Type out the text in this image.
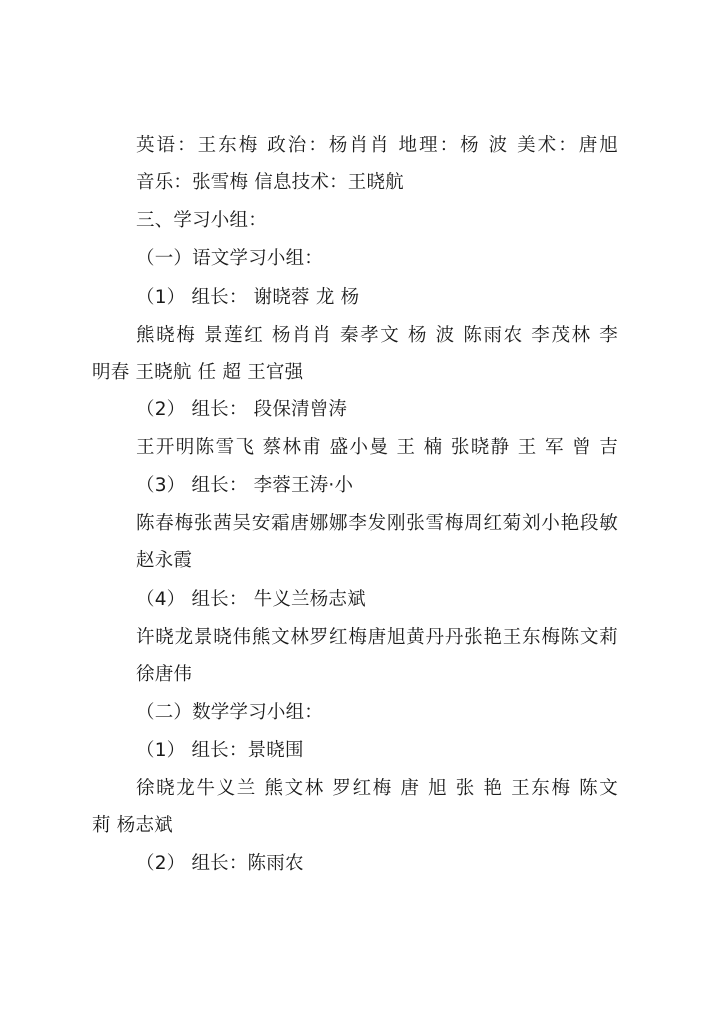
英语：王东梅 政治：杨肖肖 地理：杨 波 美术：唐旭
音乐：张雪梅 信息技术：王晓航
三、学习小组：
（一）语文学习小组：
（1） 组长： 谢晓蓉 龙 杨
熊晓梅 景莲红 杨肖肖 秦孝文 杨 波 陈雨农 李茂林 李
明春 王晓航 任 超 王官强
（2） 组长： 段保清曾涛
王开明陈雪飞 蔡林甫 盛小曼 王 楠 张晓静 王 军 曾 吉
（3） 组长： 李蓉王涛·小
陈春梅张茜吴安霜唐娜娜李发刚张雪梅周红菊刘小艳段敏
赵永霞
（4） 组长： 牛义兰杨志斌
许晓龙景晓伟熊文林罗红梅唐旭黄丹丹张艳王东梅陈文莉
徐唐伟
（二）数学学习小组：
（1） 组长：景晓围
徐晓龙牛义兰 熊文林 罗红梅 唐 旭 张 艳 王东梅 陈文
莉 杨志斌
（2） 组长：陈雨农
